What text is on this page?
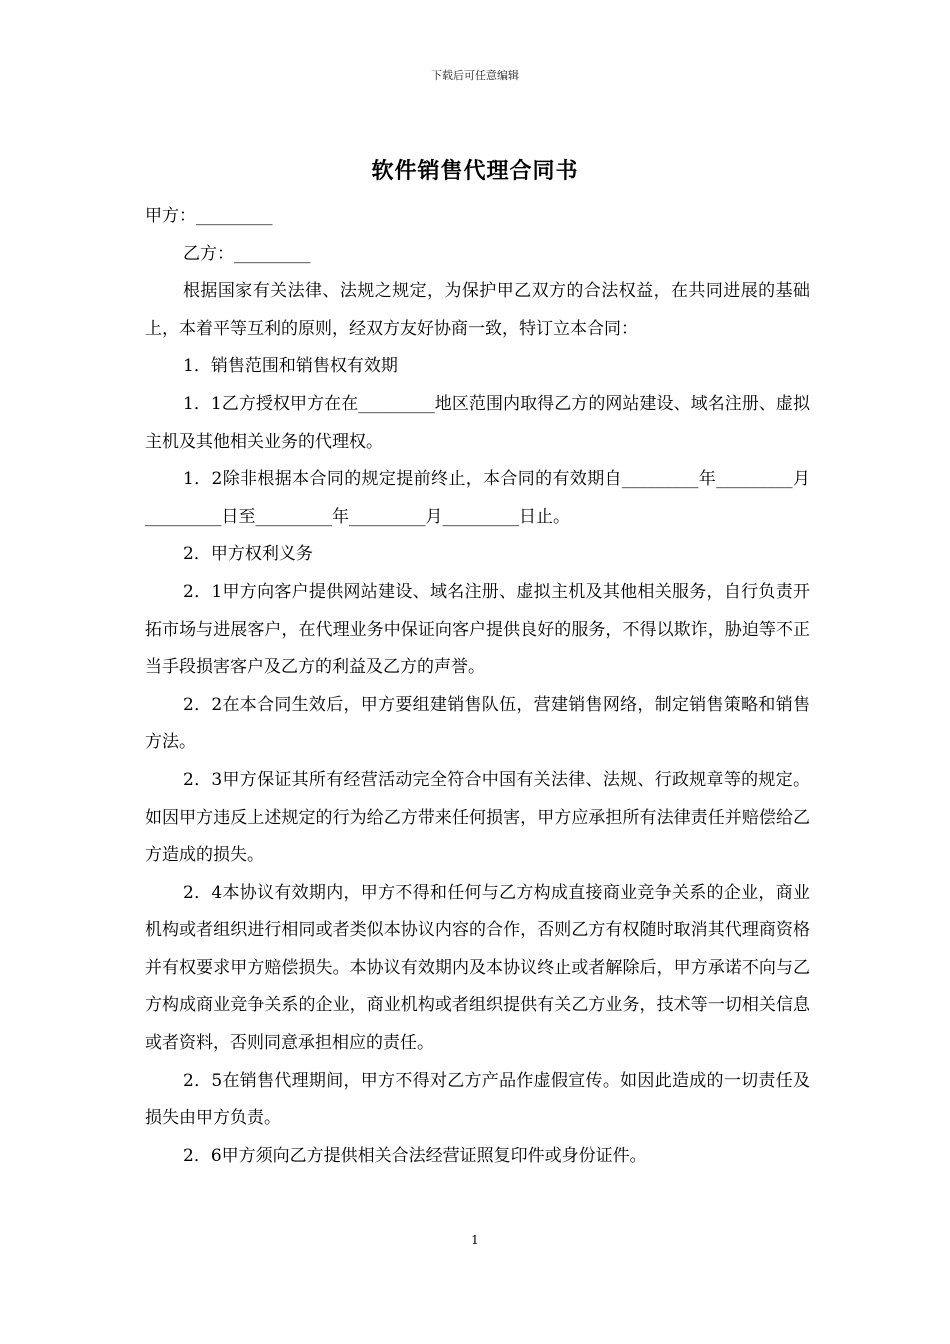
下载后可任意编辑
软件销售代理合同书

甲方：_________

乙方：_________

根据国家有关法律、法规之规定，为保护甲乙双方的合法权益，在共同进展的基础上，本着平等互利的原则，经双方友好协商一致，特订立本合同：

1．销售范围和销售权有效期

1．1乙方授权甲方在在_________地区范围内取得乙方的网站建设、域名注册、虚拟主机及其他相关业务的代理权。

1．2除非根据本合同的规定提前终止，本合同的有效期自_________年_________月_________日至_________年_________月_________日止。

2．甲方权利义务

2．1甲方向客户提供网站建设、域名注册、虚拟主机及其他相关服务，自行负责开拓市场与进展客户，在代理业务中保证向客户提供良好的服务，不得以欺诈，胁迫等不正当手段损害客户及乙方的利益及乙方的声誉。

2．2在本合同生效后，甲方要组建销售队伍，营建销售网络，制定销售策略和销售方法。

2．3甲方保证其所有经营活动完全符合中国有关法律、法规、行政规章等的规定。如因甲方违反上述规定的行为给乙方带来任何损害，甲方应承担所有法律责任并赔偿给乙方造成的损失。

2．4本协议有效期内，甲方不得和任何与乙方构成直接商业竞争关系的企业，商业机构或者组织进行相同或者类似本协议内容的合作，否则乙方有权随时取消其代理商资格并有权要求甲方赔偿损失。本协议有效期内及本协议终止或者解除后，甲方承诺不向与乙方构成商业竞争关系的企业，商业机构或者组织提供有关乙方业务，技术等一切相关信息或者资料，否则同意承担相应的责任。

2．5在销售代理期间，甲方不得对乙方产品作虚假宣传。如因此造成的一切责任及损失由甲方负责。

2．6甲方须向乙方提供相关合法经营证照复印件或身份证件。

1
